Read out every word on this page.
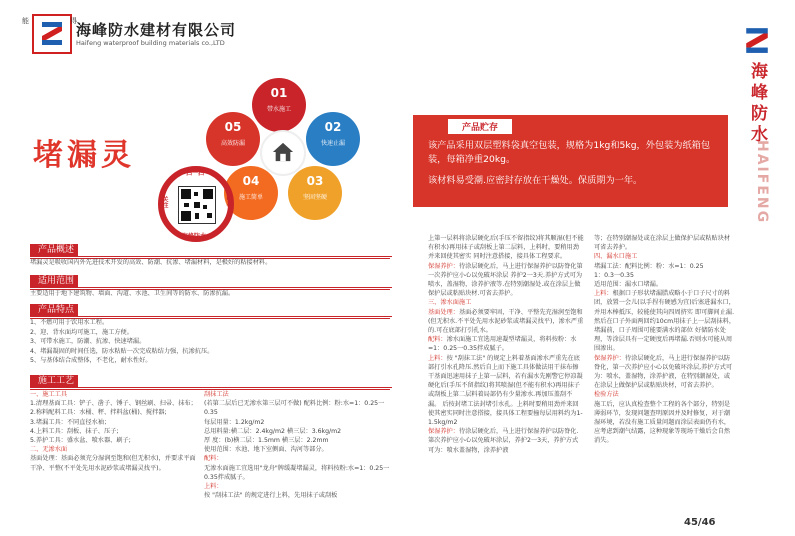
能	得 海峰防水建材有限公司
Haifeng waterproof building materials co.,LTD
堵漏灵
01
带水施工
02
快速止漏
03
坚固坚硬
04
施工简单
05
高效防漏
扫一扫
关注
海峰防水
防水
产品概述
堵漏灵是吸收国内外先进技术开发的高效、防潮、抗渗、堵漏材料，是极好的粘接材料。
适用范围
主要适用于地下建筑物、墙面、沟道、水池、卫生间等的防水、防渗抗漏。
产品特点
1、不燃可用于饮用水工程。
2、迎、背水面均可施工，施工方便。
3、可带水施工，防潮、抗渗、快速堵漏。
4、堵漏凝固的时间任选，防水粘贴一次完成粘结力强，抗渗抗压。
5、与基体结合成整体，不老化，耐水性好。
施工工艺

一、施工工具

1.清理基面工具：铲子、凿子、锤子、钢丝刷、扫帚、抹布；

2.称料配料工具：水桶、秤、拌料盆(桶)、搅拌器;

3.堵漏工具：不同直径水袖；

4.上料工具：刮板、抹子、压子;

5.养护工具：盛水盆、喷水器、刷子;

二、无渗水面

基面处理：基面必须充分湿润至饱和(但无积水)，并要求平面干净、平整(不平处先用水泥砂浆或堵漏灵找平)。

刮抹工法

(若第二层后已无渗水第三层可不做) 配料比例：粉:水=1：0.25一0.35

每层用量：1.2kg/m2

总用料量:横二层：2.4kg/m2 横三层：3.6kg/m2

厚 度：(b)横二层：1.5mm 横三层：2.2mm

使用范围：水池、地下室侧面、沟河等部分。

配料：

无渗水面施工宜选用"龙舟"牌缓凝堵漏灵，将料按粉:水=1：0.25一0.35拌成腻子。

上料：

按 "刮抹工法" 的规定进行上料，先用抹子或刮板

海峰防水
HAIFENG
产品贮存
该产品采用双层塑料袋真空包装，规格为1kg和5kg，外包装为纸箱包装，每箱净重20kg。
该材料易受潮.应密封存放在干燥处。保质期为一年。

上第一层料将涂层硬化后(手压不留指纹)将其顺湿(但不能有积水)再用抹子或刮板上第二层料，上料时，要稍用劲并来回使其密实 同时注意搭接，接具体工程要求。

保湿养护：待涂层硬化后，马上进行保湿养护以防脊化第一次养护应小心以免破坏涂层 养护2一3天.养护方式可为喷水，盖湿物，涂养护液等.在特别潮湿处.或在涂层上做保护层或粘贴块材.可省去养护。

三、渗水面施工

基面处理：基面必须要牢固，干净、平整先充湿润至饱和(但无积水.不平处先用水泥砂浆或堵漏灵找平)，渗水严重的.可在底部打引孔水。

配料：渗水面施工宜选用速凝型堵漏灵，将料按粉：水=1：0.25一0.35拌成腻子。

上料：按 "刮抹工法" 的规定上料着基面渗水严重先在底部打引水孔降压.然后自上而下施工具体做法用干抹布擦干基面迅速用抹子上第一层料，若有漏水先刚警它停凉凝硬化后(手压不留指纹)将其喷湿(但不能有积水)再用抹子或刮板上第二层料着局部仍有少量渗水.再加压盖刮不漏。 后按封堵工法封堵引水孔。上料时要稍用劲并来回使其密实同时注意搭接，接具体工程要撞每层用料约为1-1.5kg/m2

保湿养护：待涂层硬化后，马上进行保湿养护以防脊化.第次养护应小心以免破坏涂层，养护2一3天，养护方式可为：喷水盖湿物，涂养护液

等；在特别潮湿处或在涂层上做保护层或粘贴块材可省去养护。

四、漏水口施工

堵漏工法：配料比例：粉：水=1：0.25

1：0.3一0.35

适用范围：漏水口堵漏。

上料：根据口子形状堵漏腊成略小于口子尺寸的料团，放置一会儿(以手捏有硬感为宜)后塞进漏水口，并用木棒抵压，较能使其向四周挤实 即可脚间止漏.然后在口子外面两回约10cm用抹子上一层刮抹料，堵漏前，口子周围可能要满水的部位 好储防水处理，等涂层具有一定硬度后再堵漏.否则水可能从周围渗出。

保湿养护：待涂层硬化后，马上进行保湿养护以防脊化，第一次养护应小心以免破坏涂层,养护方式可为：喷水，盖湿物，涂养护液，在特别潮湿处，或在涂层上做保护层或粘贴块材，可省去养护。

检验方法

施工后，应认真检查整个工程的各个部分，特别是薄弱环节，发现问题查明原因并及时修复，对于潮湿环境，若没有施工质量问题而涂层表面仍有水，应考虑到潮气结露，这种现象等现场干燥后会自然消失。

45/46
